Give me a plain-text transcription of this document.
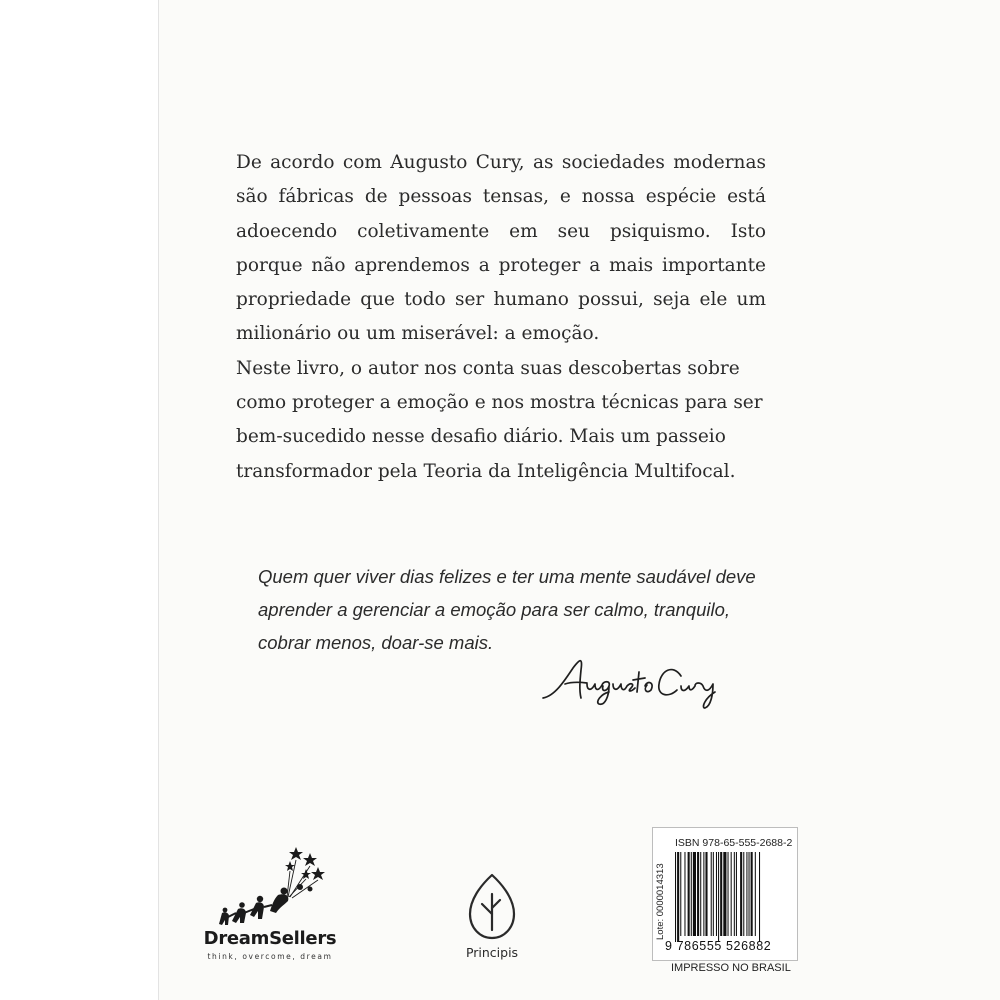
De acordo com Augusto Cury, as sociedades modernas são fábricas de pessoas tensas, e nossa espécie está adoecendo coletivamente em seu psiquismo. Isto porque não aprendemos a proteger a mais importante propriedade que todo ser humano possui, seja ele um milionário ou um miserável: a emoção.

Neste livro, o autor nos conta suas descobertas sobre como proteger a emoção e nos mostra técnicas para ser bem-sucedido nesse desafio diário. Mais um passeio transformador pela Teoria da Inteligência Multifocal.

Quem quer viver dias felizes e ter uma mente saudável deve
aprender a gerenciar a emoção para ser calmo, tranquilo,
cobrar menos, doar-se mais.
DreamSellers
think, overcome, dream	Principis
ISBN 978-65-555-2688-2
Lote: 0000014313
9 786555 526882
IMPRESSO NO BRASIL
